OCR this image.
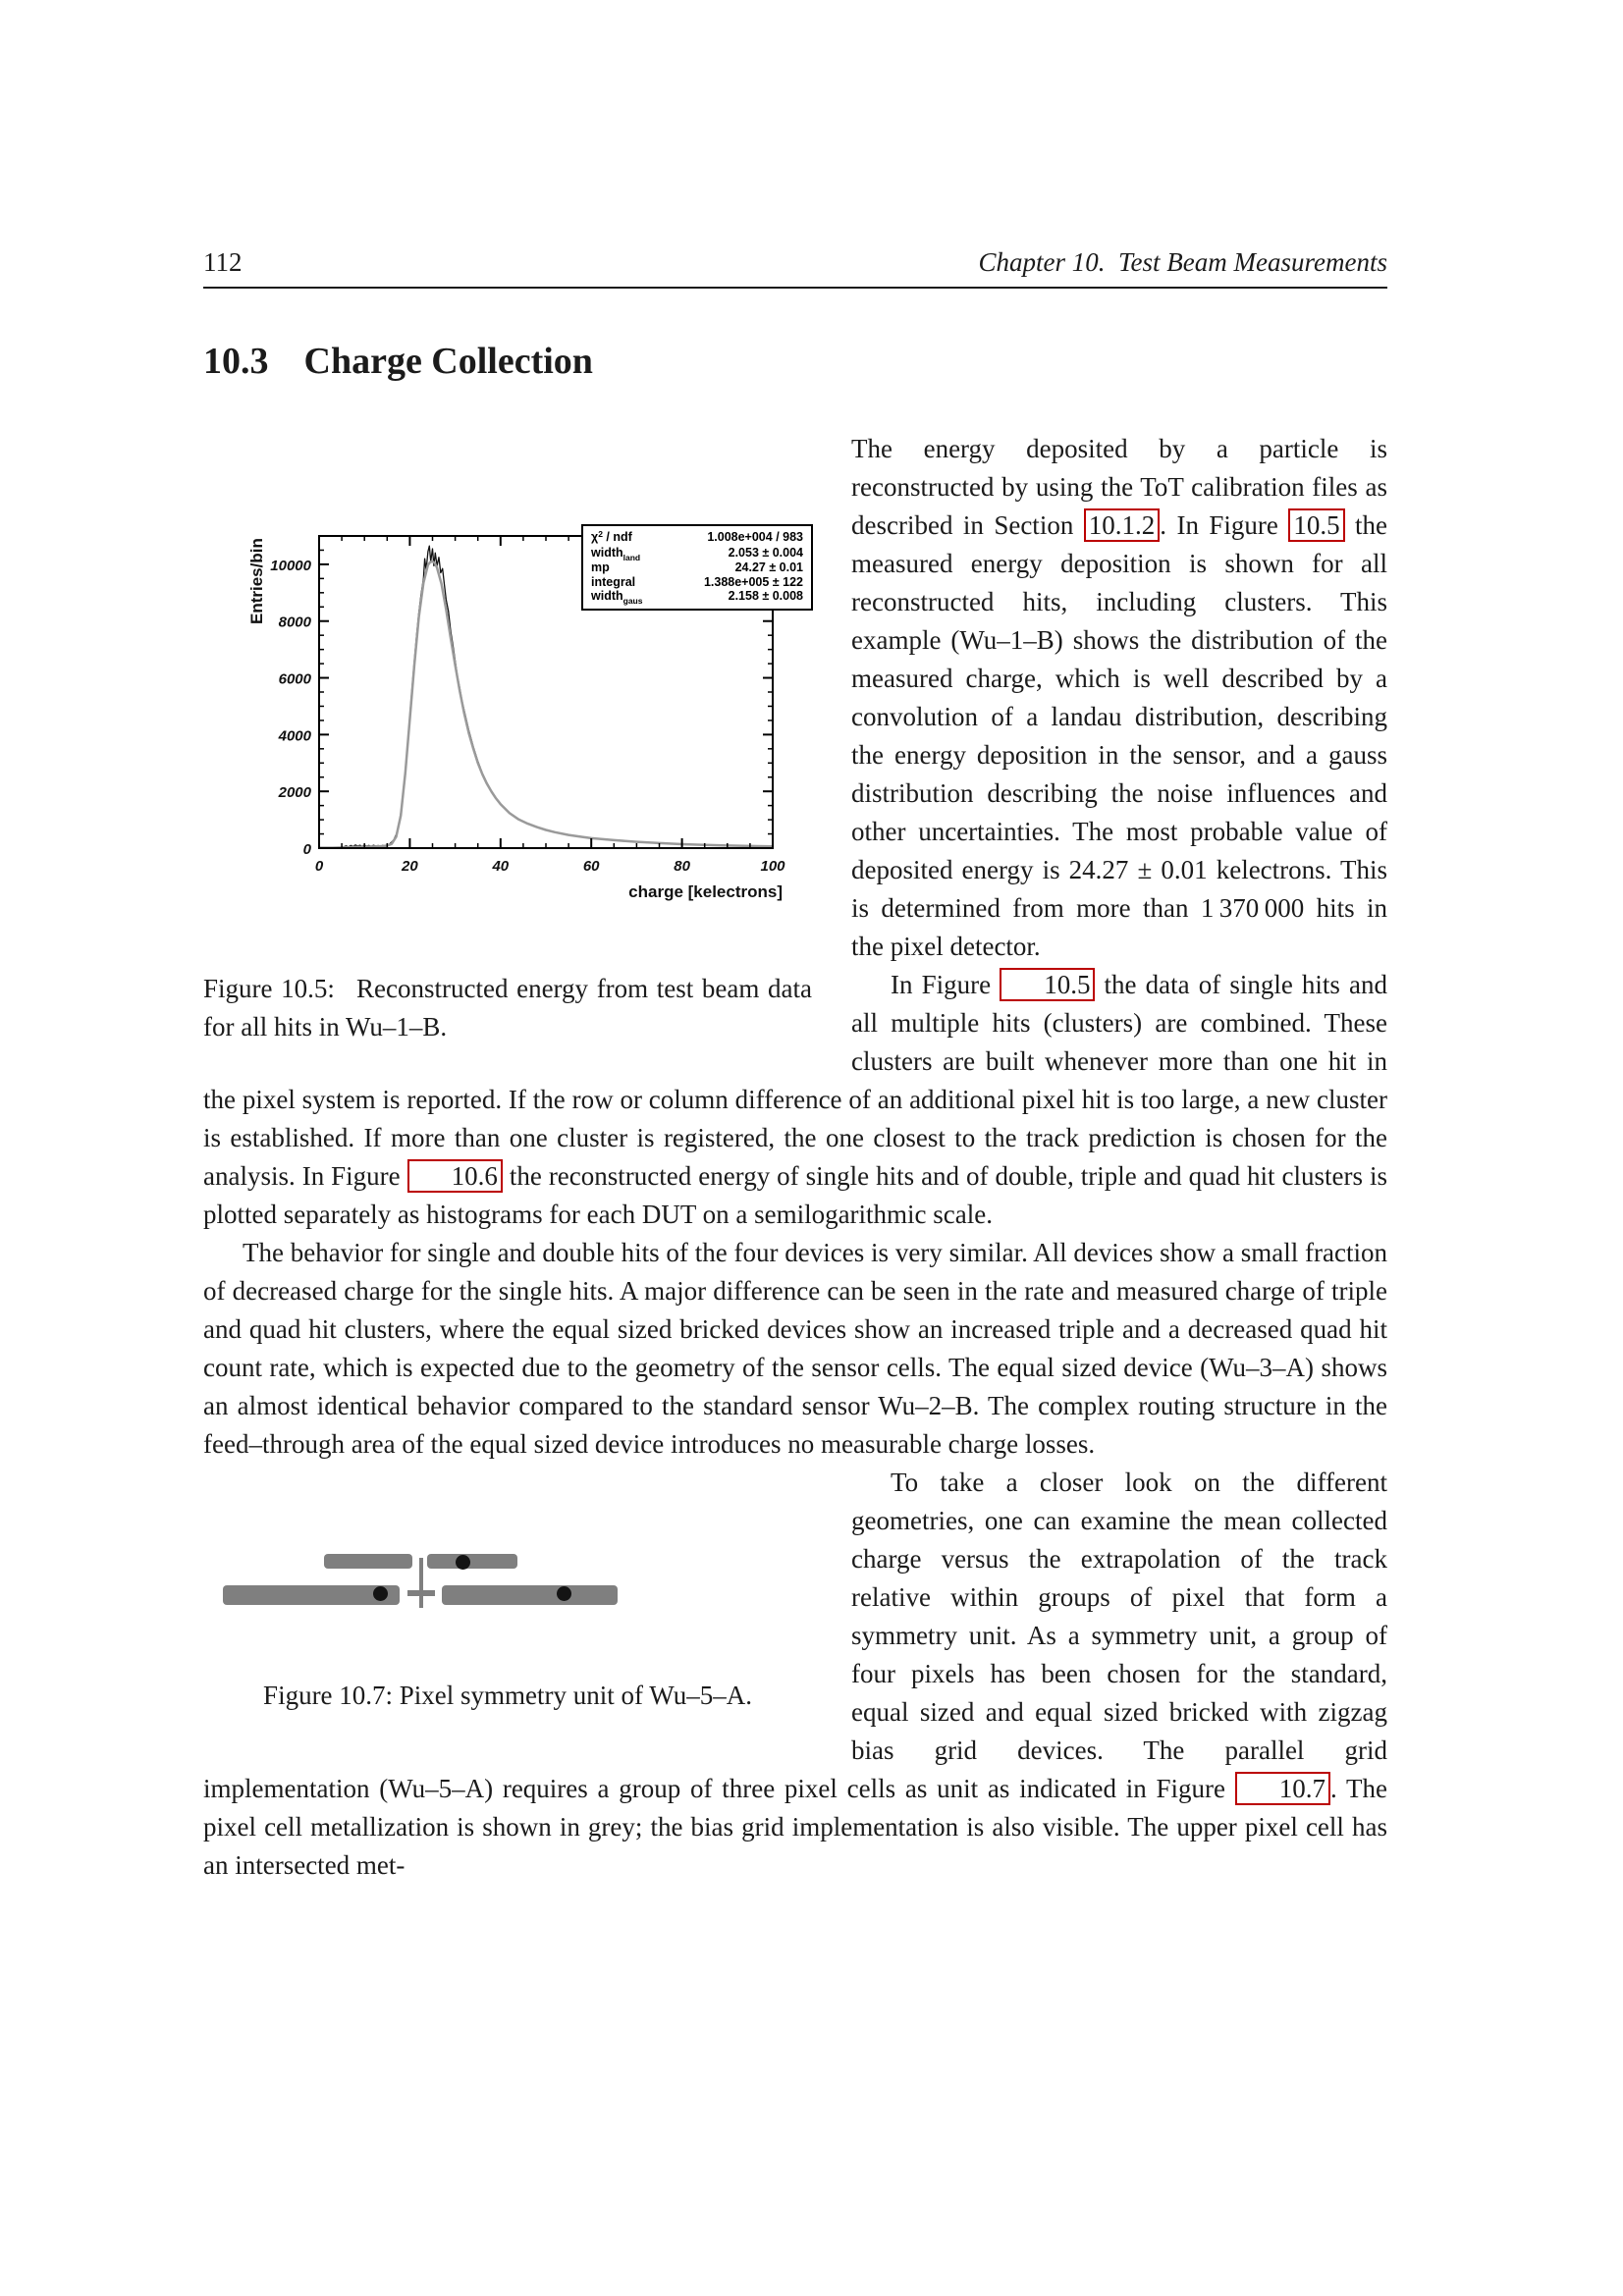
112	Chapter 10. Test Beam Measurements
10.3 Charge Collection
0	20	40	60	80	100
0
2000
4000
6000
8000
10000
charge [kelectrons]
Entries/bin
$\chi^2$ / ndf	1.008e+004 / 983
width$_{land}$	2.053 ± 0.004
mp	24.27 ± 0.01
integral	1.388e+005 ± 122
width$_{gaus}$	2.158 ± 0.008
Figure 10.5:  Reconstructed energy from test beam data for all hits in Wu–1–B.

The energy deposited by a particle is reconstructed by using the ToT calibration files as described in Section 10.1.2 . In Figure 10.5 the measured energy deposition is shown for all reconstructed hits, including clusters. This example (Wu–1–B) shows the distribution of the measured charge, which is well described by a convolution of a landau distribution, describing the energy deposition in the sensor, and a gauss distribution describing the noise influences and other uncertainties. The most probable value of deposited energy is 24.27 ± 0.01 kelectrons. This is determined from more than 1 370 000 hits in the pixel detector.

In Figure 10.5 the data of single hits and all multiple hits (clusters) are combined. These clusters are built whenever more than one hit in the pixel system is reported. If the row or column difference of an additional pixel hit is too large, a new cluster is established. If more than one cluster is registered, the one closest to the track prediction is chosen for the analysis. In Figure 10.6 the reconstructed energy of single hits and of double, triple and quad hit clusters is plotted separately as histograms for each DUT on a semilogarithmic scale.

The behavior for single and double hits of the four devices is very similar. All devices show a small fraction of decreased charge for the single hits. A major difference can be seen in the rate and measured charge of triple and quad hit clusters, where the equal sized bricked devices show an increased triple and a decreased quad hit count rate, which is expected due to the geometry of the sensor cells. The equal sized device (Wu–3–A) shows an almost identical behavior compared to the standard sensor Wu–2–B. The complex routing structure in the feed–through area of the equal sized device introduces no measurable charge losses.

Figure 10.7: Pixel symmetry unit of Wu–5–A.

To take a closer look on the different geometries, one can examine the mean collected charge versus the extrapolation of the track relative within groups of pixel that form a symmetry unit. As a symmetry unit, a group of four pixels has been chosen for the standard, equal sized and equal sized bricked with zigzag bias grid devices. The parallel grid implementation (Wu–5–A) requires a group of three pixel cells as unit as indicated in Figure 10.7 . The pixel cell metallization is shown in grey; the bias grid implementation is also visible. The upper pixel cell has an intersected met-
